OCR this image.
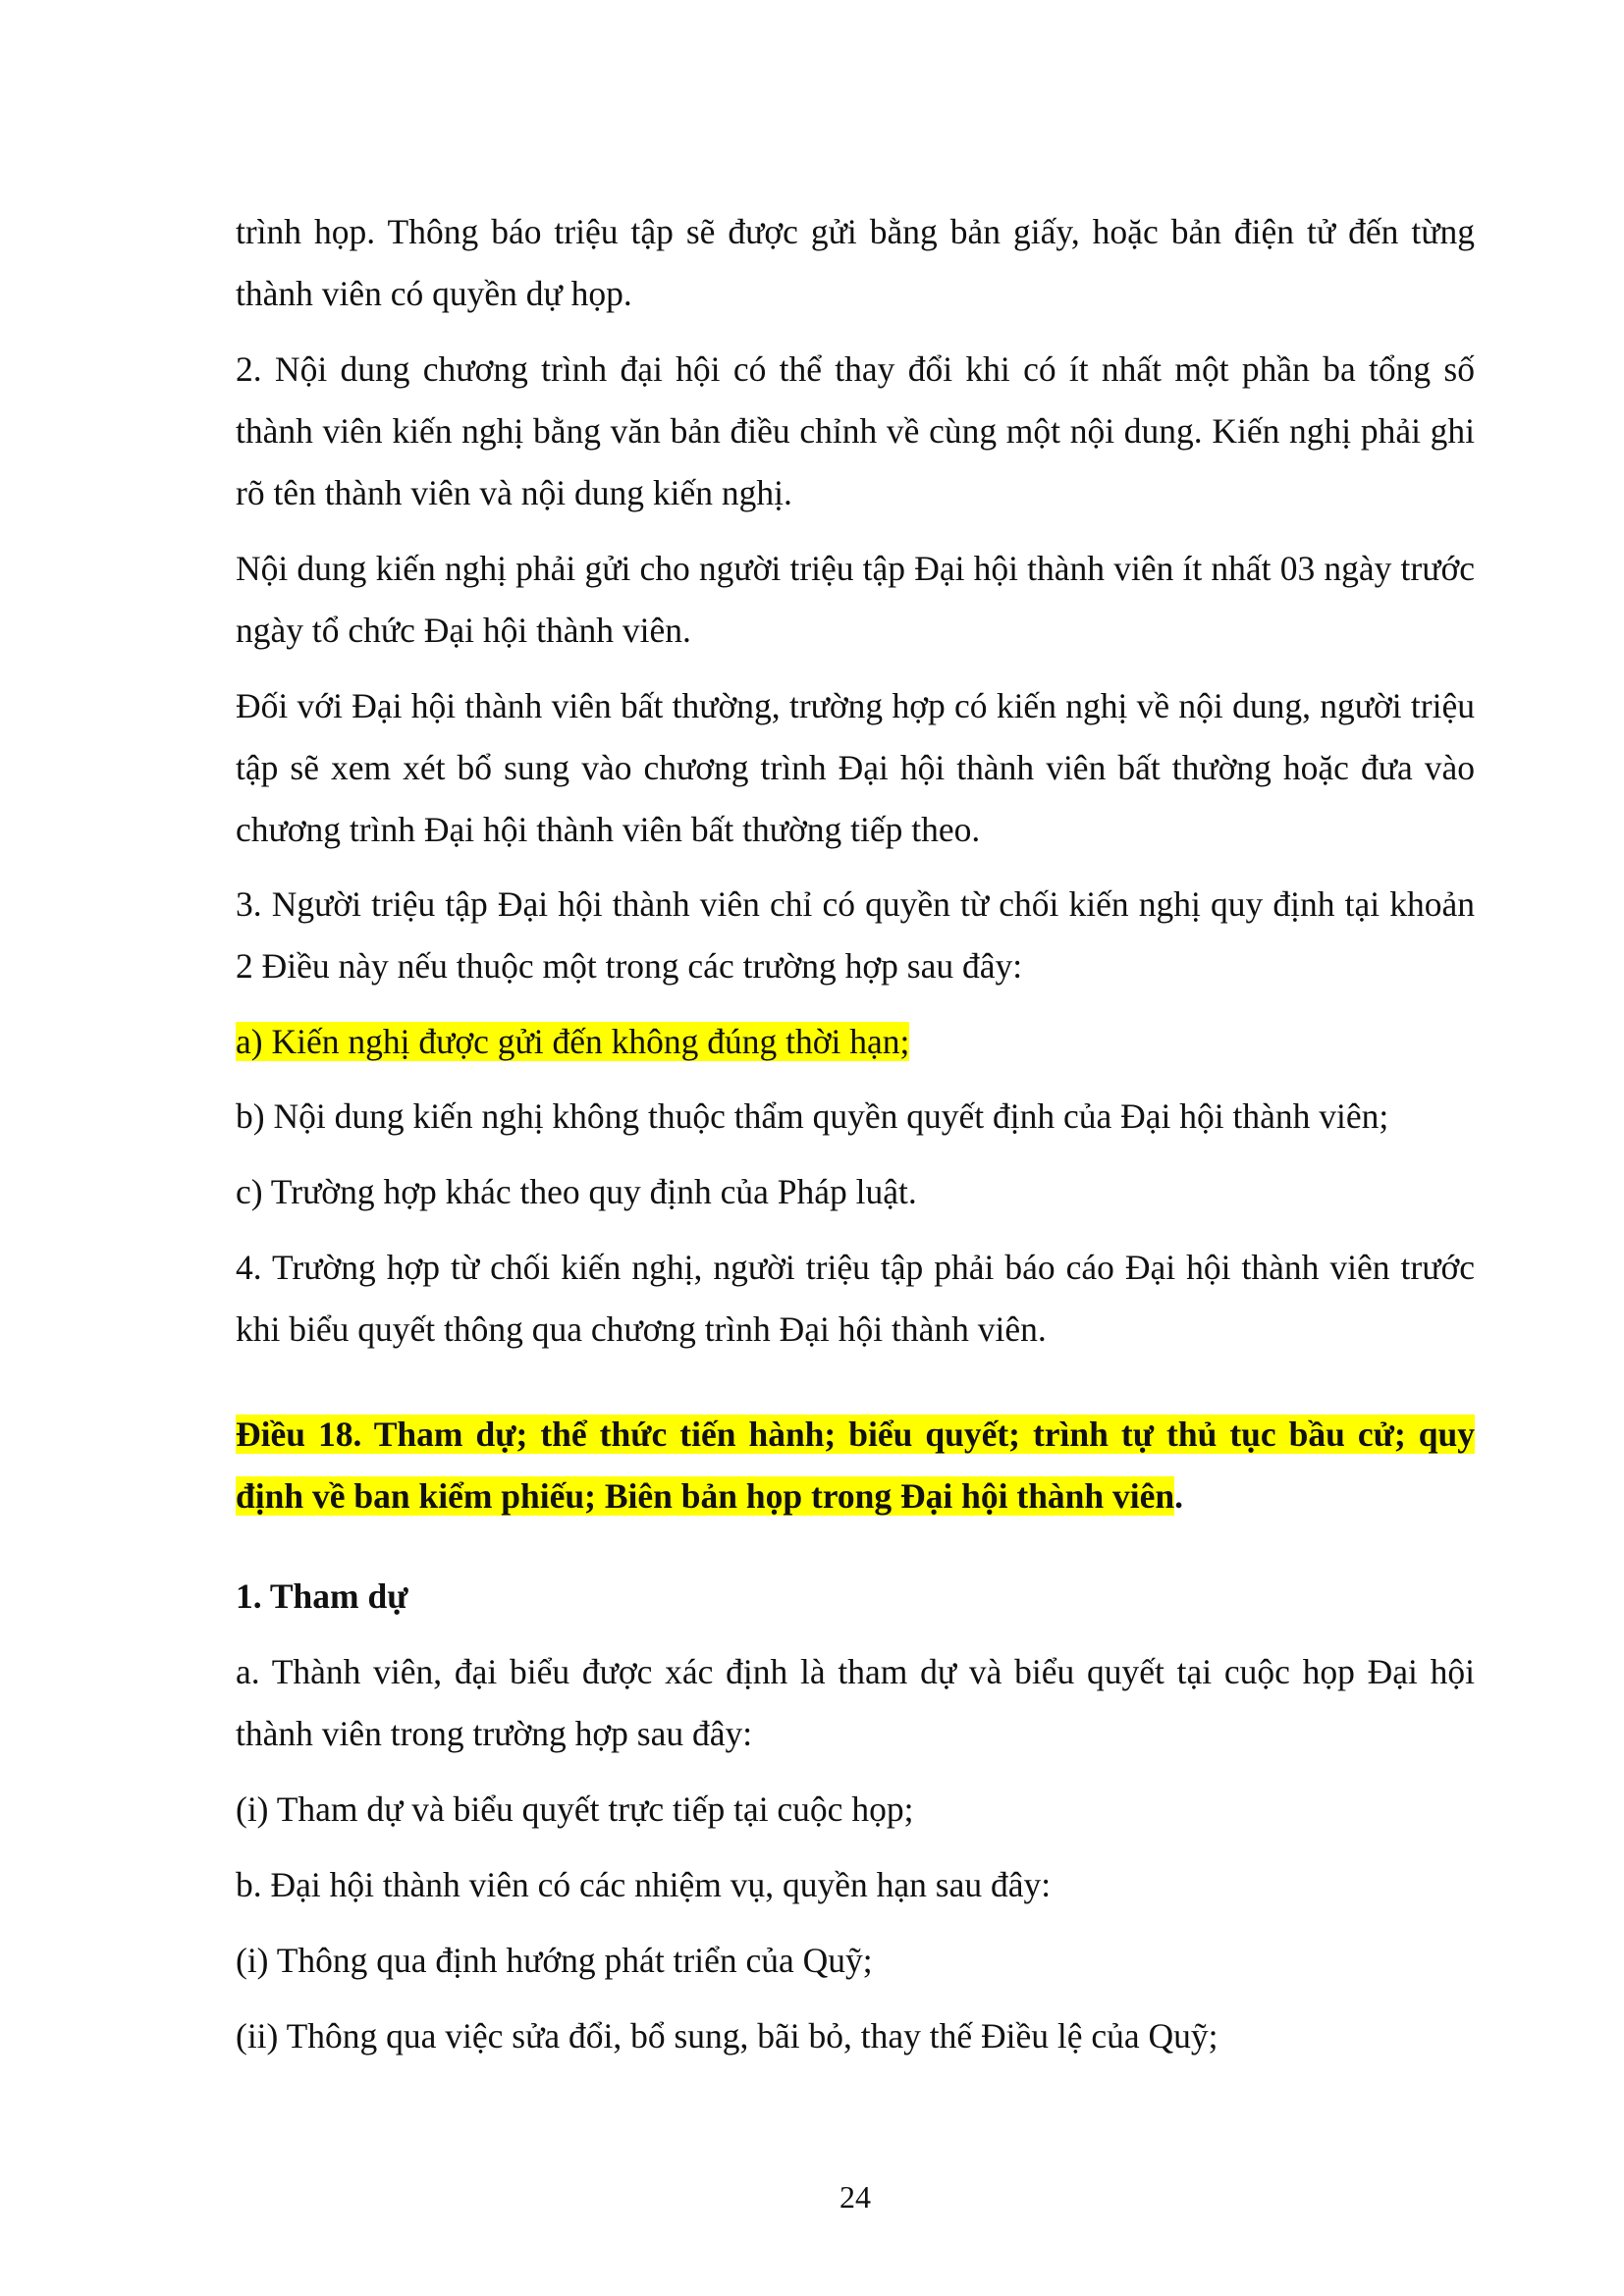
trình họp. Thông báo triệu tập sẽ được gửi bằng bản giấy, hoặc bản điện tử đến từng thành viên có quyền dự họp.

2. Nội dung chương trình đại hội có thể thay đổi khi có ít nhất một phần ba tổng số thành viên kiến nghị bằng văn bản điều chỉnh về cùng một nội dung. Kiến nghị phải ghi rõ tên thành viên và nội dung kiến nghị.

Nội dung kiến nghị phải gửi cho người triệu tập Đại hội thành viên ít nhất 03 ngày trước ngày tổ chức Đại hội thành viên.

Đối với Đại hội thành viên bất thường, trường hợp có kiến nghị về nội dung, người triệu tập sẽ xem xét bổ sung vào chương trình Đại hội thành viên bất thường hoặc đưa vào chương trình Đại hội thành viên bất thường tiếp theo.

3. Người triệu tập Đại hội thành viên chỉ có quyền từ chối kiến nghị quy định tại khoản 2 Điều này nếu thuộc một trong các trường hợp sau đây:

a) Kiến nghị được gửi đến không đúng thời hạn;

b) Nội dung kiến nghị không thuộc thẩm quyền quyết định của Đại hội thành viên;

c) Trường hợp khác theo quy định của Pháp luật.

4. Trường hợp từ chối kiến nghị, người triệu tập phải báo cáo Đại hội thành viên trước khi biểu quyết thông qua chương trình Đại hội thành viên.

Điều 18. Tham dự; thể thức tiến hành; biểu quyết; trình tự thủ tục bầu cử; quy định về ban kiểm phiếu; Biên bản họp trong Đại hội thành viên.

1. Tham dự

a. Thành viên, đại biểu được xác định là tham dự và biểu quyết tại cuộc họp Đại hội thành viên trong trường hợp sau đây:

(i) Tham dự và biểu quyết trực tiếp tại cuộc họp;

b. Đại hội thành viên có các nhiệm vụ, quyền hạn sau đây:

(i) Thông qua định hướng phát triển của Quỹ;

(ii) Thông qua việc sửa đổi, bổ sung, bãi bỏ, thay thế Điều lệ của Quỹ;

24
